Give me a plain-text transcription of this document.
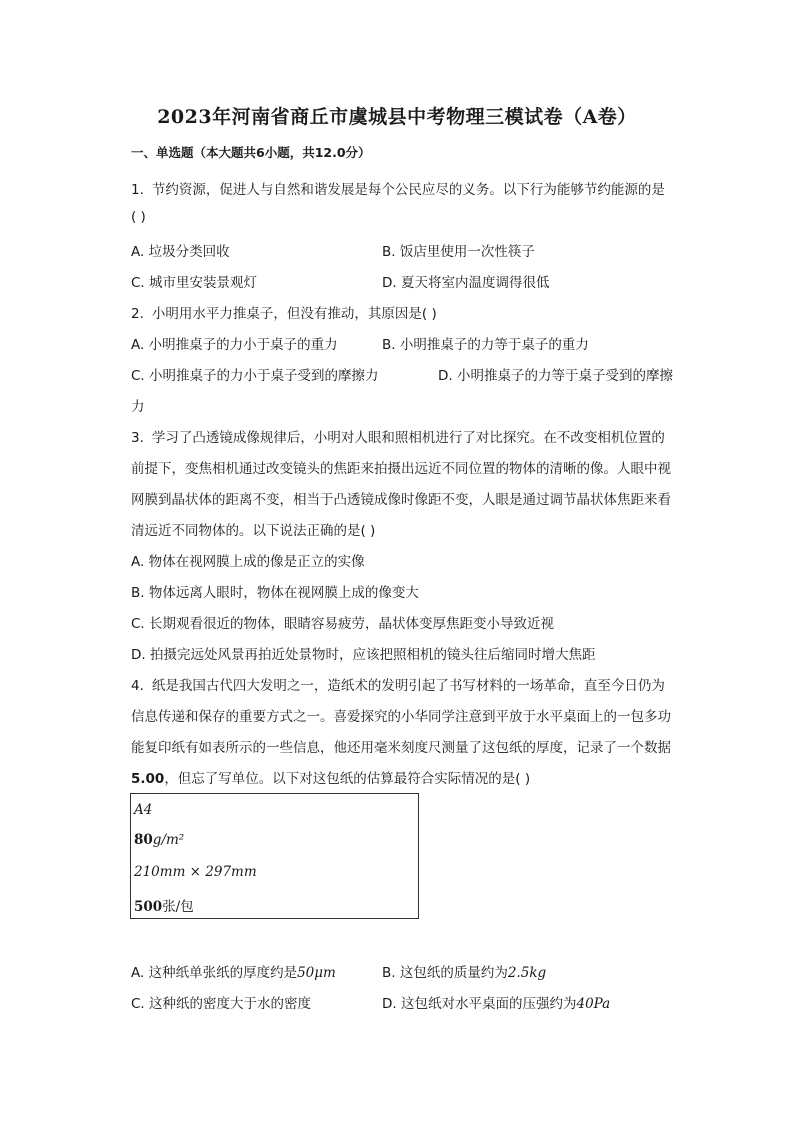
2023年河南省商丘市虞城县中考物理三模试卷（A卷）
一、单选题（本大题共6小题，共12.0分）
1. 节约资源，促进人与自然和谐发展是每个公民应尽的义务。以下行为能够节约能源的是
( )
A. 垃圾分类回收	B. 饭店里使用一次性筷子
C. 城市里安装景观灯	D. 夏天将室内温度调得很低
2. 小明用水平力推桌子，但没有推动，其原因是( )
A. 小明推桌子的力小于桌子的重力	B. 小明推桌子的力等于桌子的重力
C. 小明推桌子的力小于桌子受到的摩擦力	D. 小明推桌子的力等于桌子受到的摩擦
力
3. 学习了凸透镜成像规律后，小明对人眼和照相机进行了对比探究。在不改变相机位置的
前提下，变焦相机通过改变镜头的焦距来拍摄出远近不同位置的物体的清晰的像。人眼中视
网膜到晶状体的距离不变，相当于凸透镜成像时像距不变，人眼是通过调节晶状体焦距来看
清远近不同物体的。以下说法正确的是( )
A. 物体在视网膜上成的像是正立的实像
B. 物体远离人眼时，物体在视网膜上成的像变大
C. 长期观看很近的物体，眼睛容易疲劳，晶状体变厚焦距变小导致近视
D. 拍摄完远处风景再拍近处景物时，应该把照相机的镜头往后缩同时增大焦距
4. 纸是我国古代四大发明之一，造纸术的发明引起了书写材料的一场革命，直至今日仍为
信息传递和保存的重要方式之一。喜爱探究的小华同学注意到平放于水平桌面上的一包多功
能复印纸有如表所示的一些信息，他还用毫米刻度尺测量了这包纸的厚度，记录了一个数据
5.00，但忘了写单位。以下对这包纸的估算最符合实际情况的是( )
A4
80g/m²
210mm × 297mm
500张/包
A. 这种纸单张纸的厚度约是50μm	B. 这包纸的质量约为2.5kg
C. 这种纸的密度大于水的密度	D. 这包纸对水平桌面的压强约为40Pa
